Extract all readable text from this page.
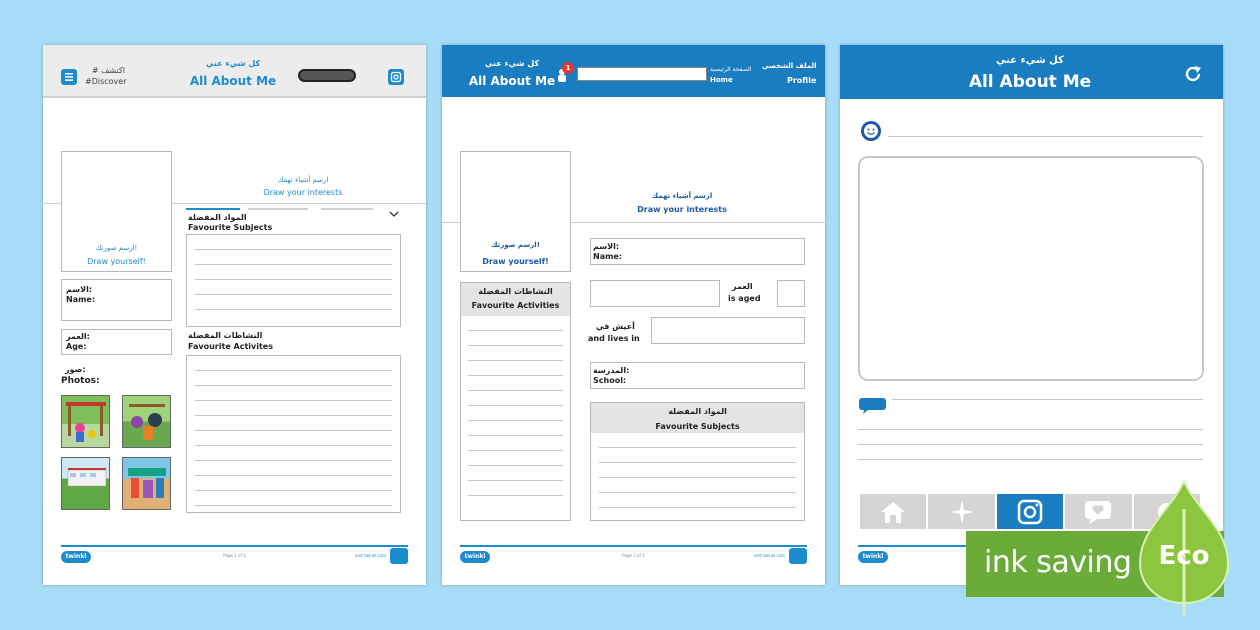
# اكتشف
#Discover
كل شيء عني
All About Me
ارسم صورتك!
Draw yourself!
ارسم أشياء تهمك
Draw your interests
الاسم:
Name:
العمر:
Age:
صور:
Photos:
المواد المفضلة
Favourite Subjects
النشاطات المفضلة
Favourite Activites
twinkl	Page 1 of 3	visit twinkl.com
كل شيء عني
All About Me
1	الصفحة الرئيسية
Home
الملف الشخصي
Profile
ارسم صورتك!
Draw yourself!
ارسم أشياء تهمك
Draw your interests
الاسم:
Name:
العمر
is aged
أعيش في
and lives in
المدرسة:
School:
النشاطات المفضلة
Favourite Activities
المواد المفضلة
Favourite Subjects
twinkl	Page 2 of 3	visit twinkl.com
كل شيء عني
All About Me
twinkl	ink saving Eco
